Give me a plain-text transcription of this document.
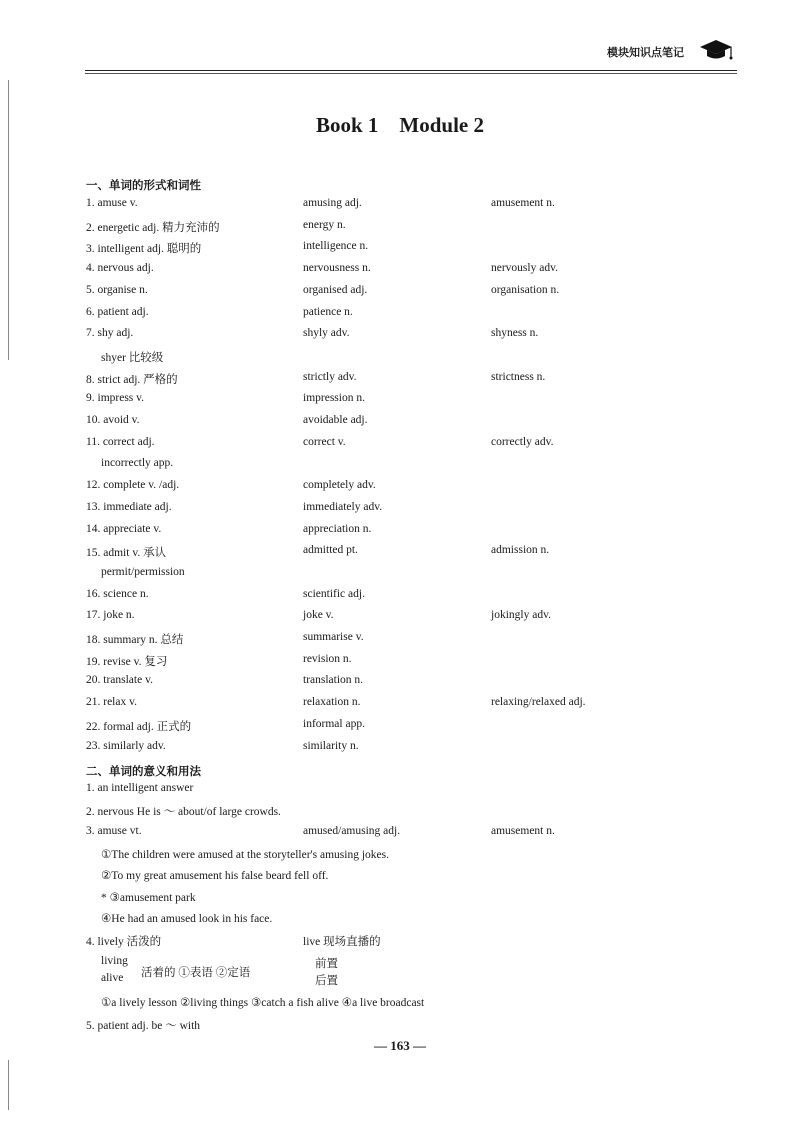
模块知识点笔记
Book 1 Module 2
一、单词的形式和词性
1. amuse v.	amusing adj.	amusement n.
2. energetic adj. 精力充沛的	energy n.
3. intelligent adj. 聪明的	intelligence n.
4. nervous adj.	nervousness n.	nervously adv.
5. organise n.	organised adj.	organisation n.
6. patient adj.	patience n.
7. shy adj.	shyly adv.	shyness n.
shyer 比较级
8. strict adj. 严格的	strictly adv.	strictness n.
9. impress v.	impression n.
10. avoid v.	avoidable adj.
11. correct adj.	correct v.	correctly adv.
incorrectly app.
12. complete v. /adj.	completely adv.
13. immediate adj.	immediately adv.
14. appreciate v.	appreciation n.
15. admit v. 承认	admitted pt.	admission n.
permit/permission
16. science n.	scientific adj.
17. joke n.	joke v.	jokingly adv.
18. summary n. 总结	summarise v.
19. revise v. 复习	revision n.
20. translate v.	translation n.
21. relax v.	relaxation n.	relaxing/relaxed adj.
22. formal adj. 正式的	informal app.
23. similarly adv.	similarity n.
二、单词的意义和用法
1. an intelligent answer
2. nervous He is ～ about/of large crowds.
3. amuse vt.	amused/amusing adj.	amusement n.
①The children were amused at the storyteller's amusing jokes.
②To my great amusement his false beard fell off.
* ③amusement park
④He had an amused look in his face.
4. lively 活泼的	live 现场直播的
living
alive 活着的 ①表语 ②定语
前置
后置
①a lively lesson ②living things ③catch a fish alive ④a live broadcast
5. patient adj. be ～ with
— 163 —
